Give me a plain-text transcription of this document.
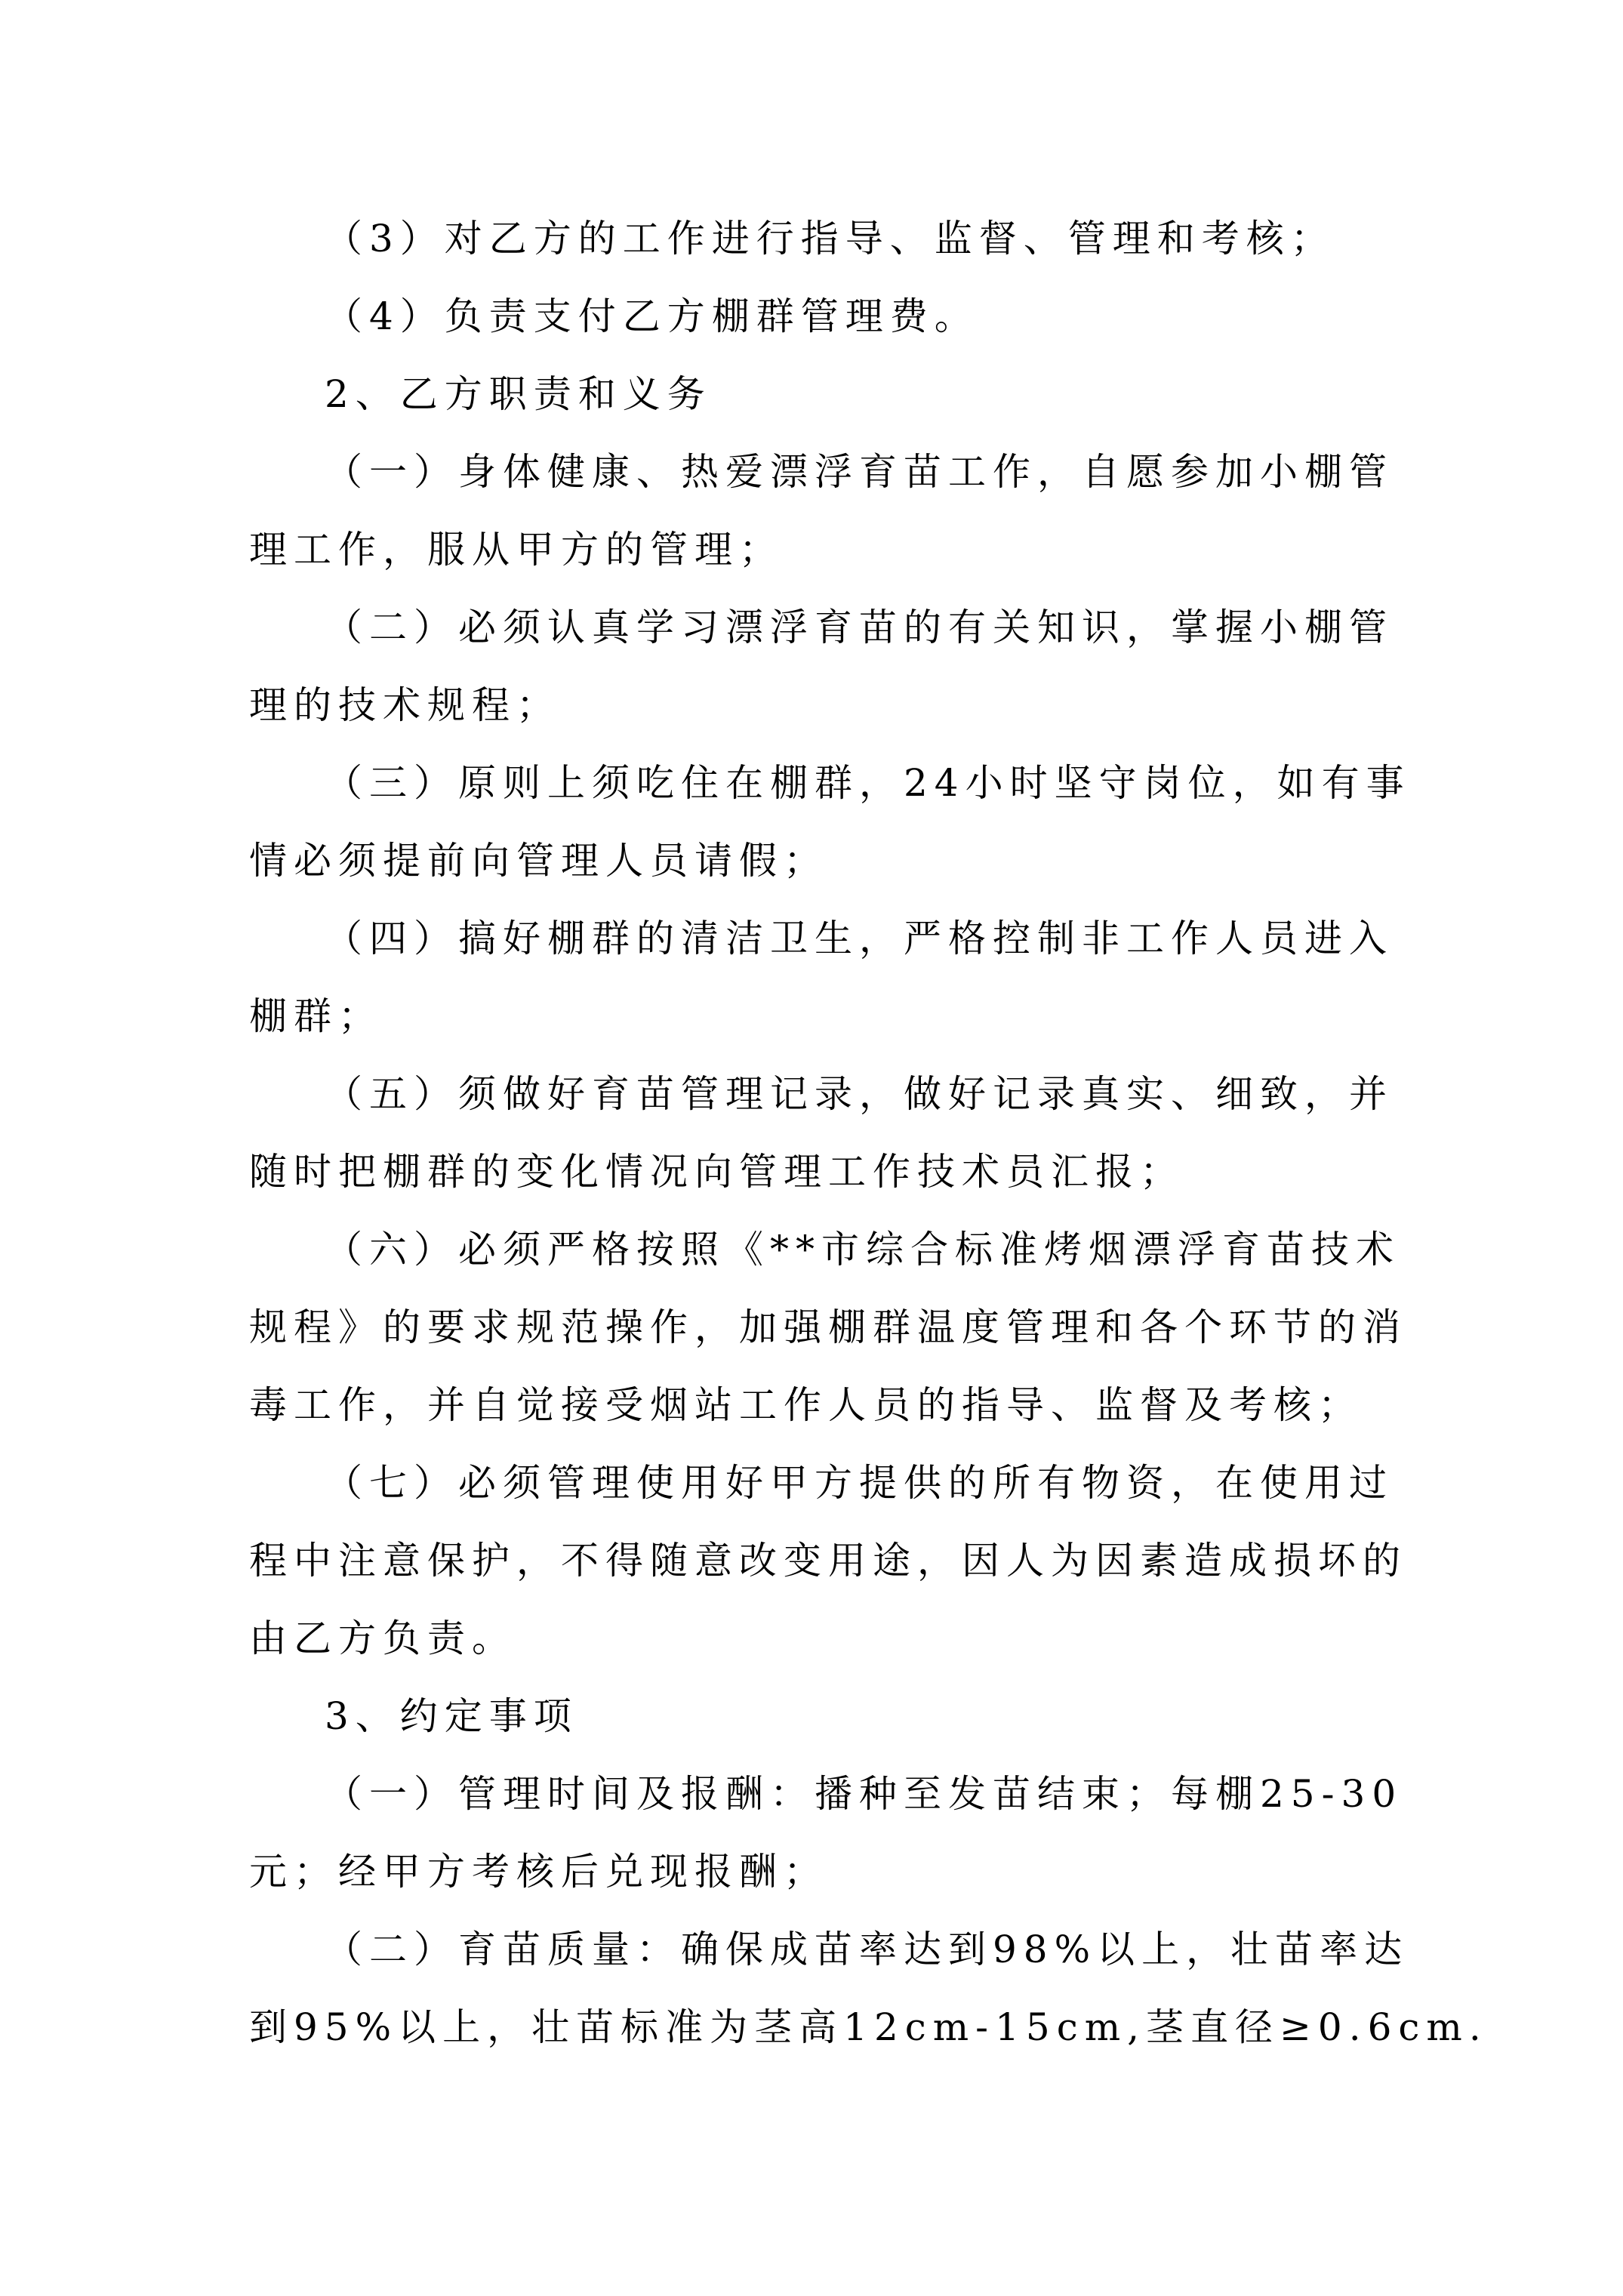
（3）对乙方的工作进行指导、监督、管理和考核；

（4）负责支付乙方棚群管理费。

2、乙方职责和义务

（一）身体健康、热爱漂浮育苗工作，自愿参加小棚管
理工作，服从甲方的管理；

（二）必须认真学习漂浮育苗的有关知识，掌握小棚管
理的技术规程；

（三）原则上须吃住在棚群，24小时坚守岗位，如有事
情必须提前向管理人员请假；

（四）搞好棚群的清洁卫生，严格控制非工作人员进入
棚群；

（五）须做好育苗管理记录，做好记录真实、细致，并
随时把棚群的变化情况向管理工作技术员汇报；

（六）必须严格按照《**市综合标准烤烟漂浮育苗技术
规程》的要求规范操作，加强棚群温度管理和各个环节的消
毒工作，并自觉接受烟站工作人员的指导、监督及考核；

（七）必须管理使用好甲方提供的所有物资，在使用过
程中注意保护，不得随意改变用途，因人为因素造成损坏的
由乙方负责。

3、约定事项

（一）管理时间及报酬：播种至发苗结束；每棚25-30
元；经甲方考核后兑现报酬；

（二）育苗质量：确保成苗率达到98%以上，壮苗率达
到95%以上，壮苗标准为茎高12cm-15cm,茎直径≥0.6cm.
